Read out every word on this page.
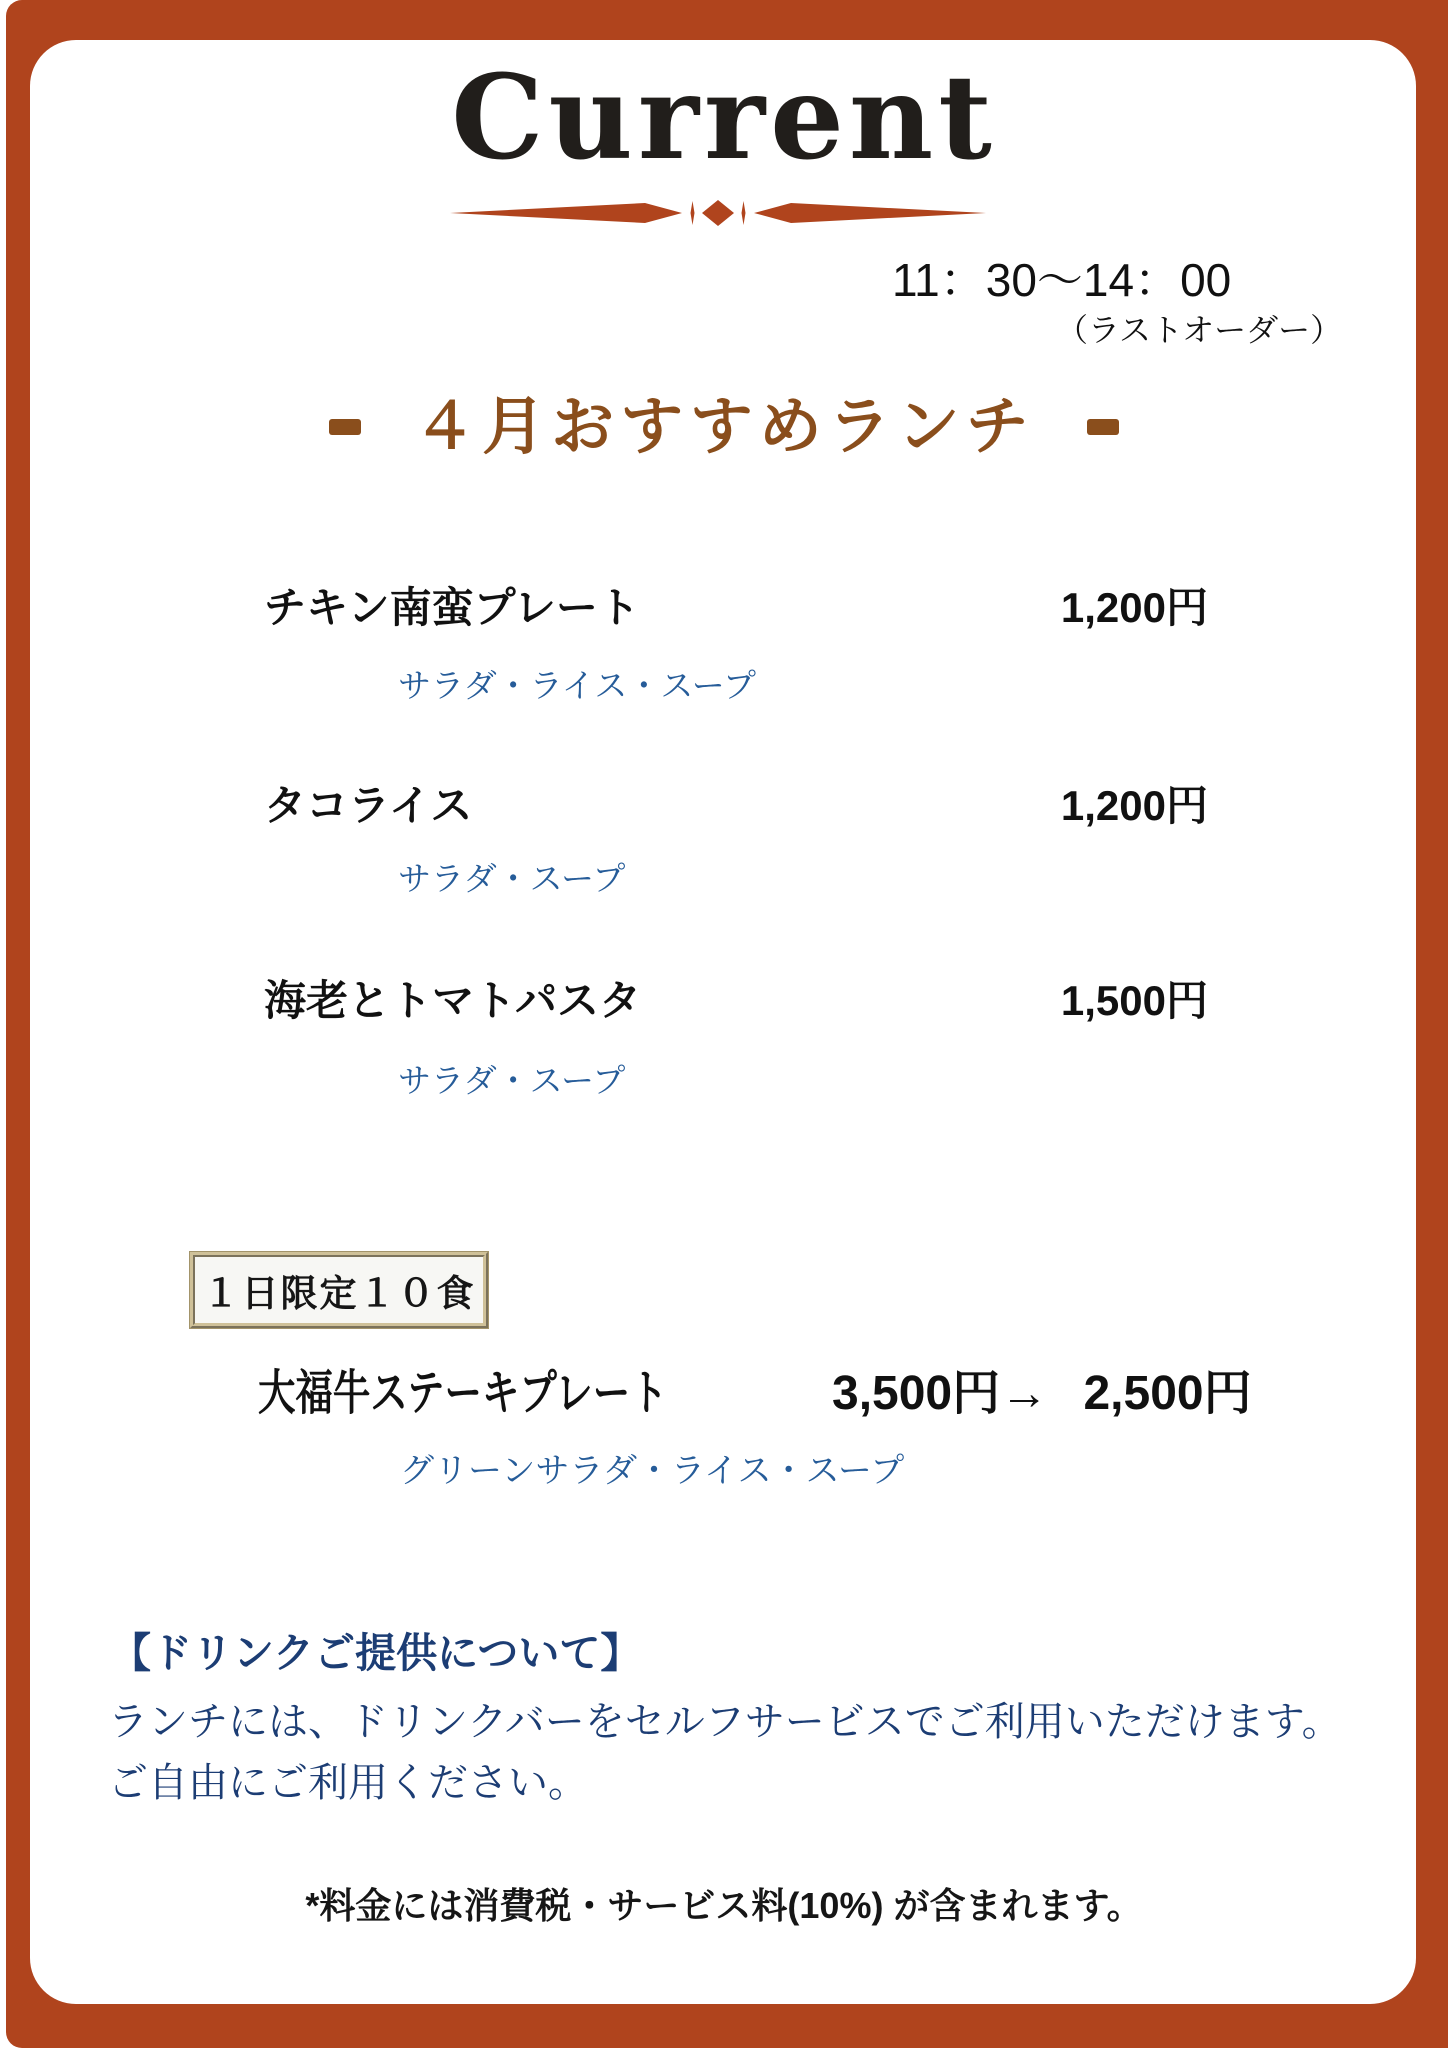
Current
11：30～14：00
（ラストオーダー）
４月おすすめランチ
チキン南蛮プレート	1,200円
サラダ・ライス・スープ
タコライス	1,200円
サラダ・スープ
海老とトマトパスタ	1,500円
サラダ・スープ
１日限定１０食
大福牛ステーキプレート	3,500円→ 2,500円
グリーンサラダ・ライス・スープ
【ドリンクご提供について】
ランチには、ドリンクバーをセルフサービスでご利用いただけます。
ご自由にご利用ください。
*料金には消費税・サービス料(10%) が含まれます。
